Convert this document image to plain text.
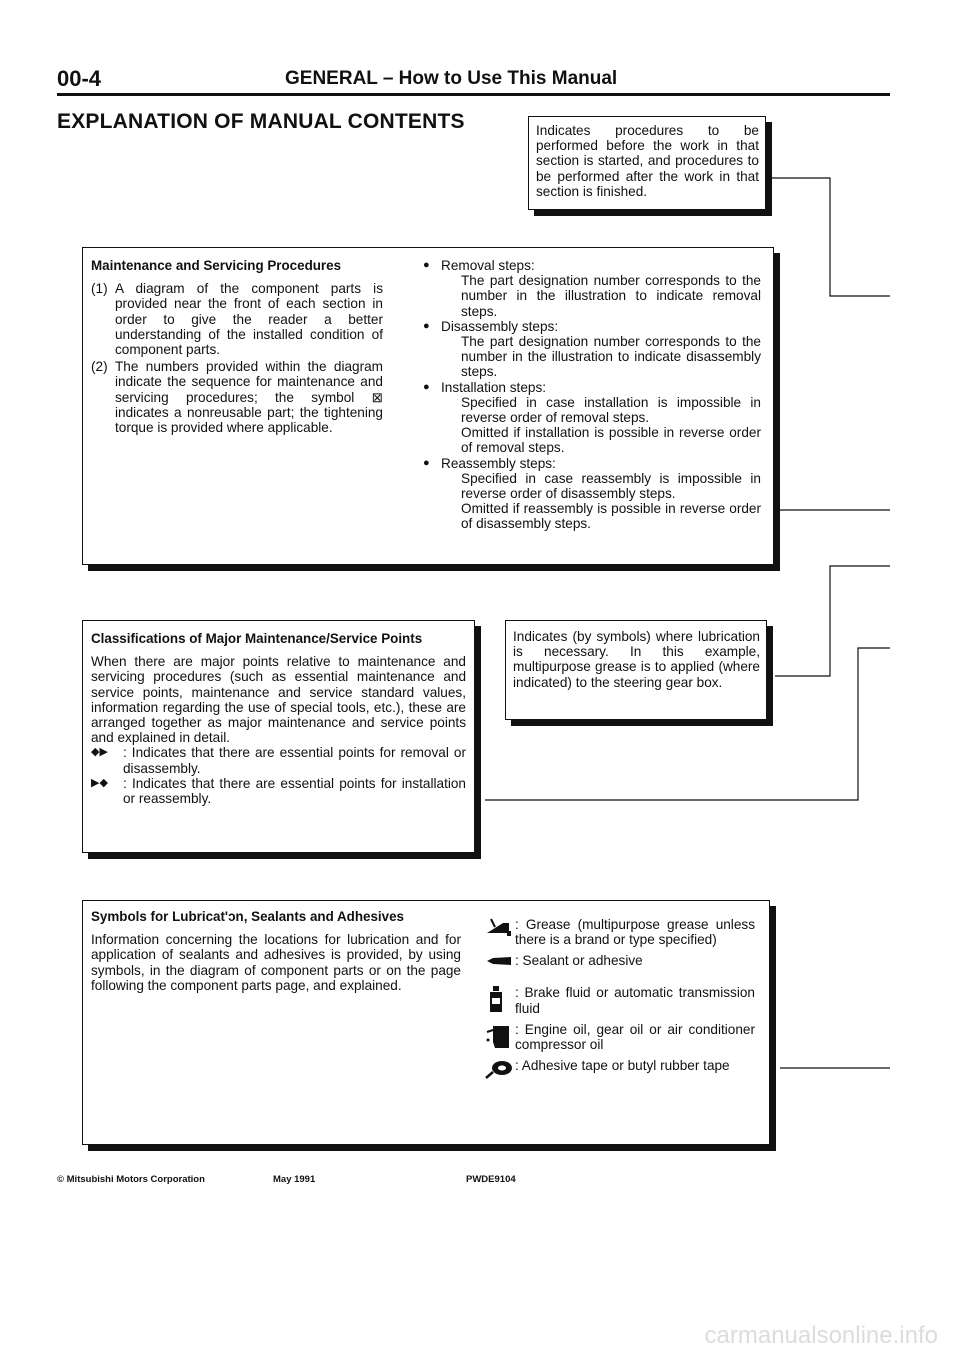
00-4	GENERAL – How to Use This Manual
EXPLANATION OF MANUAL CONTENTS	Indicates procedures to be performed before the work in that section is started, and procedures to be performed after the work in that section is finished.
Maintenance and Servicing Procedures
(1) A diagram of the component parts is provided near the front of each section in order to give the reader a better understanding of the installed condition of component parts.
(2) The numbers provided within the diagram indicate the sequence for maintenance and servicing procedures; the symbol ⊠ indicates a nonreusable part; the tightening torque is provided where applicable.
● Removal steps:
The part designation number corresponds to the number in the illustration to indicate removal steps.
● Disassembly steps:
The part designation number corresponds to the number in the illustration to indicate disassembly steps.
● Installation steps:
Specified in case installation is impossible in reverse order of removal steps.
Omitted if installation is possible in reverse order of removal steps.
● Reassembly steps:
Specified in case reassembly is impossible in reverse order of disassembly steps.
Omitted if reassembly is possible in reverse order of disassembly steps.
Classifications of Major Maintenance/Service Points
When there are major points relative to maintenance and servicing procedures (such as essential maintenance and service points, maintenance and service standard values, information regarding the use of special tools, etc.), these are arranged together as major maintenance and service points and explained in detail.
◆▶	: Indicates that there are essential points for removal or disassembly.
▶◆	: Indicates that there are essential points for installation or reassembly.
Indicates (by symbols) where lubrication is necessary. In this example, multipurpose grease is to applied (where indicated) to the steering gear box.
Symbols for Lubricat'ɔn, Sealants and Adhesives
Information concerning the locations for lubrication and for application of sealants and adhesives is provided, by using symbols, in the diagram of component parts or on the page following the component parts page, and explained.
: Grease (multipurpose grease unless there is a brand or type specified)
: Sealant or adhesive
: Brake fluid or automatic transmission fluid
: Engine oil, gear oil or air conditioner compressor oil
: Adhesive tape or butyl rubber tape
© Mitsubishi Motors Corporation	May 1991	PWDE9104
carmanualsonline.info
